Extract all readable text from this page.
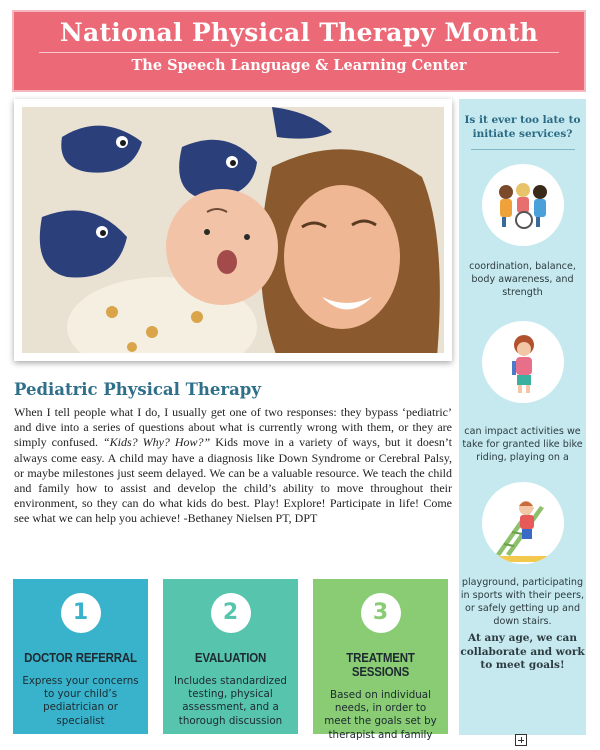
National Physical Therapy Month
The Speech Language & Learning Center
Pediatric Physical Therapy
When I tell people what I do, I usually get one of two responses: they bypass ‘pediatric’ and dive into a series of questions about what is currently wrong with them, or they are simply confused. “Kids? Why? How?” Kids move in a variety of ways, but it doesn’t always come easy. A child may have a diagnosis like Down Syndrome or Cerebral Palsy, or maybe milestones just seem delayed. We can be a valuable resource. We teach the child and family how to assist and develop the child’s ability to move throughout their environment, so they can do what kids do best. Play! Explore! Participate in life! Come see what we can help you achieve! -Bethaney Nielsen PT, DPT
1
DOCTOR REFERRAL
Express your concerns to your child’s pediatrician or specialist
2
EVALUATION
Includes standardized testing, physical assessment, and a thorough discussion
3
TREATMENT SESSIONS
Based on individual needs, in order to meet the goals set by therapist and family
Is it ever too late to initiate services?
coordination, balance, body awareness, and strength
can impact activities we take for granted like bike riding, playing on a
playground, participating in sports with their peers, or safely getting up and down stairs.
At any age, we can collaborate and work to meet goals!
